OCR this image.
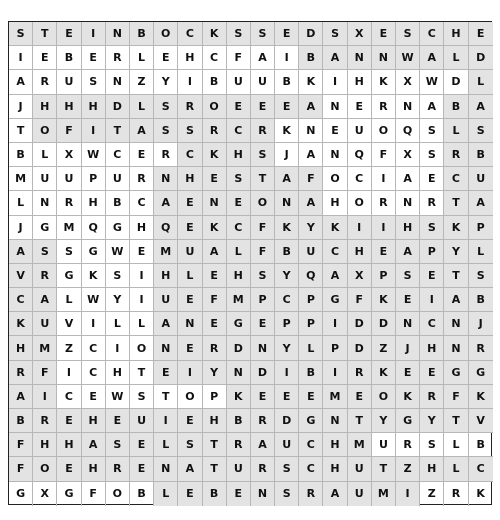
S	T	E	I	N	B	O	C	K	S	S	E	D	S	X	E	S	C	H	E
I	E	B	E	R	L	E	H	C	F	A	I	B	A	N	N	W	A	L	D
A	R	U	S	N	Z	Y	I	B	U	U	B	K	I	H	K	X	W	D	L
J	H	H	H	D	L	S	R	O	E	E	E	A	N	E	R	N	A	B	A
T	O	F	I	T	A	S	S	R	C	R	K	N	E	U	O	Q	S	L	S
B	L	X	W	C	E	R	C	K	H	S	J	A	N	Q	F	X	S	R	B
M	U	U	P	U	R	N	H	E	S	T	A	F	O	C	I	A	E	C	U
L	N	R	H	B	C	A	E	N	E	O	N	A	H	O	R	N	R	T	A
J	G	M	Q	G	H	Q	E	K	C	F	K	Y	K	I	I	H	S	K	P
A	S	S	G	W	E	M	U	A	L	F	B	U	C	H	E	A	P	Y	L
V	R	G	K	S	I	H	L	E	H	S	Y	Q	A	X	P	S	E	T	S
C	A	L	W	Y	I	U	E	F	M	P	C	P	G	F	K	E	I	A	B
K	U	V	I	L	L	A	N	E	G	E	P	P	I	D	D	N	C	N	J
H	M	Z	C	I	O	N	E	R	D	N	Y	L	P	D	Z	J	H	N	R
R	F	I	C	H	T	E	I	Y	N	D	I	B	I	R	K	E	E	G	G
A	I	C	E	W	S	T	O	P	K	E	E	E	M	E	O	K	R	F	K
B	R	E	H	E	U	I	E	H	B	R	D	G	N	T	Y	G	Y	T	V
F	H	H	A	S	E	L	S	T	R	A	U	C	H	M	U	R	S	L	B
F	O	E	H	R	E	N	A	T	U	R	S	C	H	U	T	Z	H	L	C
G	X	G	F	O	B	L	E	B	E	N	S	R	A	U	M	I	Z	R	K
